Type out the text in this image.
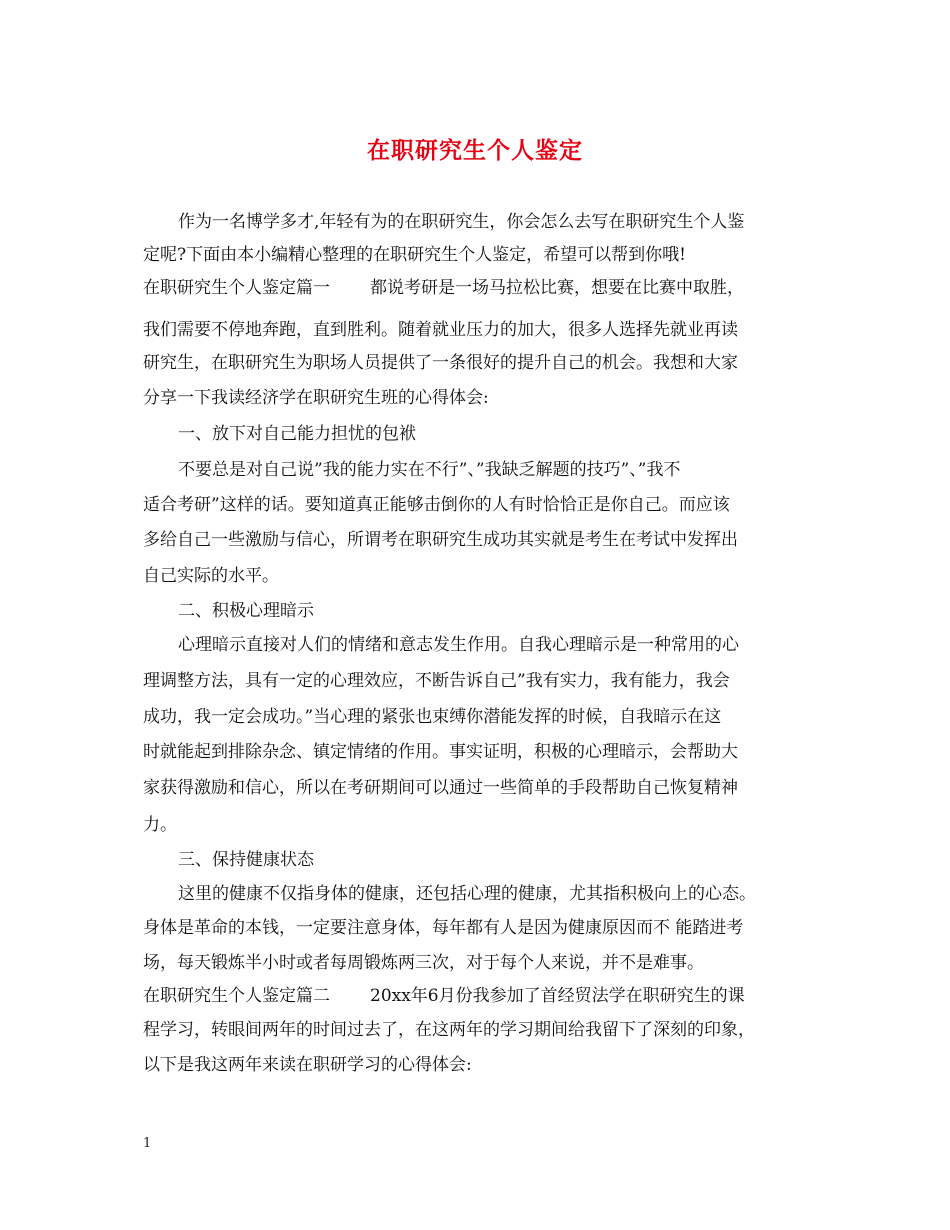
在职研究生个人鉴定
作为一名博学多才,年轻有为的在职研究生，你会怎么去写在职研究生个人鉴
定呢?下面由本小编精心整理的在职研究生个人鉴定，希望可以帮到你哦!
在职研究生个人鉴定篇一 都说考研是一场马拉松比赛，想要在比赛中取胜，
我们需要不停地奔跑，直到胜利。随着就业压力的加大，很多人选择先就业再读
研究生，在职研究生为职场人员提供了一条很好的提升自己的机会。我想和大家
分享一下我读经济学在职研究生班的心得体会:
一、放下对自己能力担忧的包袱
不要总是对自己说”我的能力实在不行”、”我缺乏解题的技巧”、”我不
适合考研”这样的话。要知道真正能够击倒你的人有时恰恰正是你自己。而应该
多给自己一些激励与信心，所谓考在职研究生成功其实就是考生在考试中发挥出
自己实际的水平。
二、积极心理暗示
心理暗示直接对人们的情绪和意志发生作用。自我心理暗示是一种常用的心
理调整方法，具有一定的心理效应，不断告诉自己”我有实力，我有能力，我会
成功，我一定会成功。”当心理的紧张也束缚你潜能发挥的时候，自我暗示在这
时就能起到排除杂念、镇定情绪的作用。事实证明，积极的心理暗示，会帮助大
家获得激励和信心，所以在考研期间可以通过一些简单的手段帮助自己恢复精神
力。
三、保持健康状态
这里的健康不仅指身体的健康，还包括心理的健康，尤其指积极向上的心态。
身体是革命的本钱，一定要注意身体，每年都有人是因为健康原因而不 能踏进考
场，每天锻炼半小时或者每周锻炼两三次，对于每个人来说，并不是难事。
在职研究生个人鉴定篇二 20xx年6月份我参加了首经贸法学在职研究生的课
程学习，转眼间两年的时间过去了，在这两年的学习期间给我留下了深刻的印象，
以下是我这两年来读在职研学习的心得体会:
1
